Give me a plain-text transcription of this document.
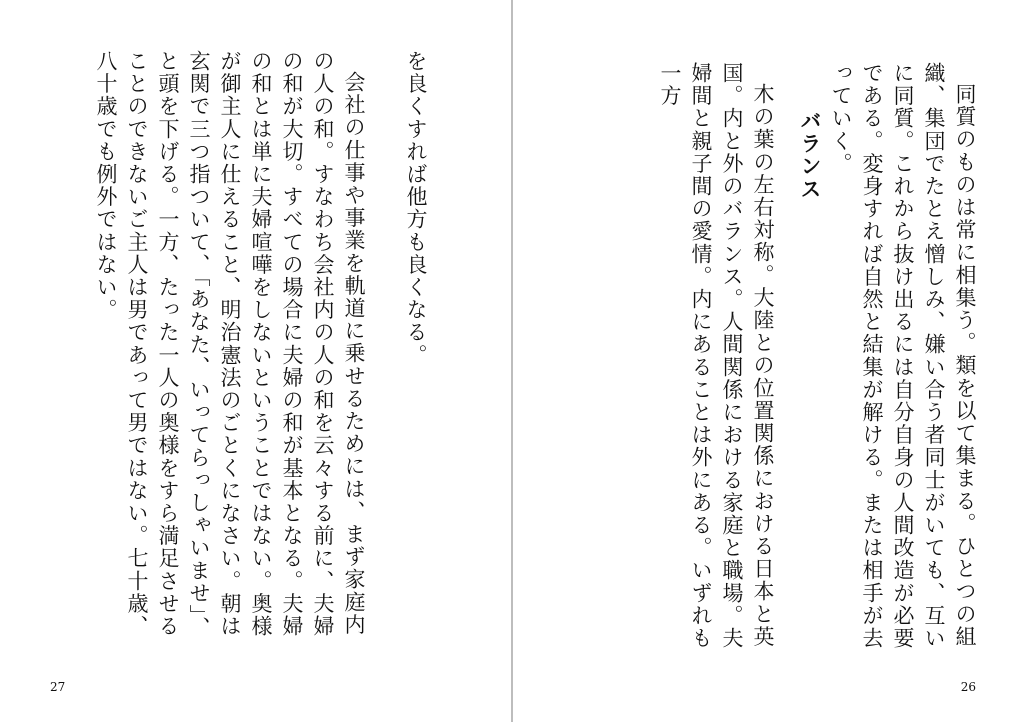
を良くすれば他方も良くなる。

会社の仕事や事業を軌道に乗せるためには、まず家庭内の人の和。すなわち会社内の人の和を云々する前に、夫婦の和が大切。すべての場合に夫婦の和が基本となる。夫婦の和とは単に夫婦喧嘩をしないということではない。奥様が御主人に仕えること、明治憲法のごとくになさい。朝は玄関で三つ指ついて、「あなた、いってらっしゃいませ」、と頭を下げる。一方、たった一人の奥様をすら満足させることのできないご主人は男であって男ではない。七十歳、八十歳でも例外ではない。

27

同質のものは常に相集う。類を以て集まる。ひとつの組織、集団でたとえ憎しみ、嫌い合う者同士がいても、互いに同質。これから抜け出るには自分自身の人間改造が必要である。変身すれば自然と結集が解ける。または相手が去っていく。

バランス

木の葉の左右対称。大陸との位置関係における日本と英国。内と外のバランス。人間関係における家庭と職場。夫婦間と親子間の愛情。内にあることは外にある。いずれも一方

26
